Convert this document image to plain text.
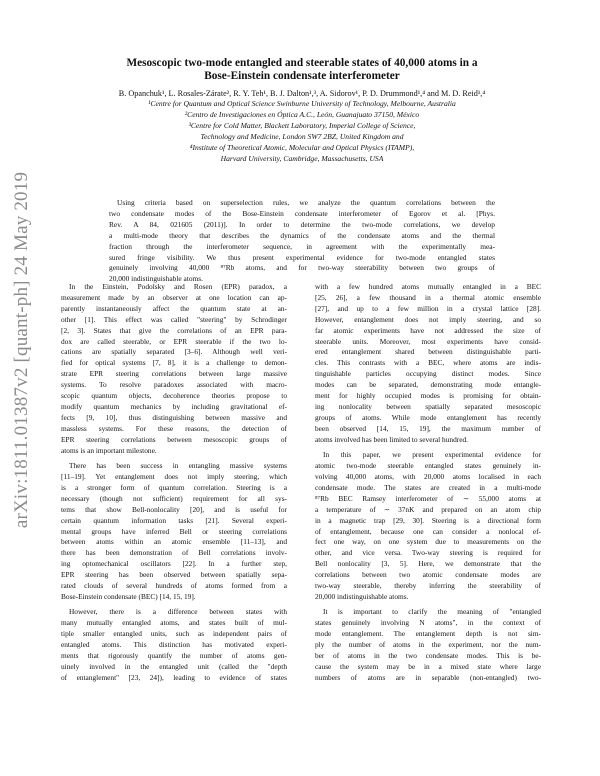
arXiv:1811.01387v2 [quant-ph] 24 May 2019
Mesoscopic two-mode entangled and steerable states of 40,000 atoms in a
Bose-Einstein condensate interferometer
B. Opanchuk¹, L. Rosales-Zárate², R. Y. Teh¹, B. J. Dalton¹,³, A. Sidorov¹, P. D. Drummond¹,⁴ and M. D. Reid¹,⁴
¹Centre for Quantum and Optical Science Swinburne University of Technology, Melbourne, Australia
²Centro de Investigaciones en Óptica A.C., León, Guanajuato 37150, México
³Centre for Cold Matter, Blackett Laboratory, Imperial College of Science,
Technology and Medicine, London SW7 2BZ, United Kingdom and
⁴Institute of Theoretical Atomic, Molecular and Optical Physics (ITAMP),
Harvard University, Cambridge, Massachusetts, USA
Using criteria based on superselection rules, we analyze the quantum correlations between the
two condensate modes of the Bose-Einstein condensate interferometer of Egorov et al. [Phys.
Rev. A 84, 021605 (2011)]. In order to determine the two-mode correlations, we develop
a multi-mode theory that describes the dynamics of the condensate atoms and the thermal
fraction through the interferometer sequence, in agreement with the experimentally mea-
sured fringe visibility. We thus present experimental evidence for two-mode entangled states
genuinely involving 40,000 ⁸⁷Rb atoms, and for two-way steerability between two groups of
20,000 indistinguishable atoms.
In the Einstein, Podolsky and Rosen (EPR) paradox, a
measurement made by an observer at one location can ap-
parently instantaneously affect the quantum state at an-
other [1]. This effect was called "steering" by Schrodinger
[2, 3]. States that give the correlations of an EPR para-
dox are called steerable, or EPR steerable if the two lo-
cations are spatially separated [3–6]. Although well veri-
fied for optical systems [7, 8], it is a challenge to demon-
strate EPR steering correlations between large massive
systems. To resolve paradoxes associated with macro-
scopic quantum objects, decoherence theories propose to
modify quantum mechanics by including gravitational ef-
fects [9, 10], thus distinguishing between massive and
massless systems. For these reasons, the detection of
EPR steering correlations between mesoscopic groups of
atoms is an important milestone.
There has been success in entangling massive systems
[11–19]. Yet entanglement does not imply steering, which
is a stronger form of quantum correlation. Steering is a
necessary (though not sufficient) requirement for all sys-
tems that show Bell-nonlocality [20], and is useful for
certain quantum information tasks [21]. Several experi-
mental groups have inferred Bell or steering correlations
between atoms within an atomic ensemble [11–13], and
there has been demonstration of Bell correlations involv-
ing optomechanical oscillators [22]. In a further step,
EPR steering has been observed between spatially sepa-
rated clouds of several hundreds of atoms formed from a
Bose-Einstein condensate (BEC) [14, 15, 19].
However, there is a difference between states with
many mutually entangled atoms, and states built of mul-
tiple smaller entangled units, such as independent pairs of
entangled atoms. This distinction has motivated experi-
ments that rigorously quantify the number of atoms gen-
uinely involved in the entangled unit (called the "depth
of entanglement" [23, 24]), leading to evidence of states
with a few hundred atoms mutually entangled in a BEC
[25, 26], a few thousand in a thermal atomic ensemble
[27], and up to a few million in a crystal lattice [28].
However, entanglement does not imply steering, and so
far atomic experiments have not addressed the size of
steerable units. Moreover, most experiments have consid-
ered entanglement shared between distinguishable parti-
cles. This contrasts with a BEC, where atoms are indis-
tinguishable particles occupying distinct modes. Since
modes can be separated, demonstrating mode entangle-
ment for highly occupied modes is promising for obtain-
ing nonlocality between spatially separated mesoscopic
groups of atoms. While mode entanglement has recently
been observed [14, 15, 19], the maximum number of
atoms involved has been limited to several hundred.
In this paper, we present experimental evidence for
atomic two-mode steerable entangled states genuinely in-
volving 40,000 atoms, with 20,000 atoms localised in each
condensate mode. The states are created in a multi-mode
⁸⁷Rb BEC Ramsey interferometer of ∼ 55,000 atoms at
a temperature of ∼ 37nK and prepared on an atom chip
in a magnetic trap [29, 30]. Steering is a directional form
of entanglement, because one can consider a nonlocal ef-
fect one way, on one system due to measurements on the
other, and vice versa. Two-way steering is required for
Bell nonlocality [3, 5]. Here, we demonstrate that the
correlations between two atomic condensate modes are
two-way steerable, thereby inferring the steerability of
20,000 indistinguishable atoms.
It is important to clarify the meaning of "entangled
states genuinely involving N atoms", in the context of
mode entanglement. The entanglement depth is not sim-
ply the number of atoms in the experiment, nor the num-
ber of atoms in the two condensate modes. This is be-
cause the system may be in a mixed state where large
numbers of atoms are in separable (non-entangled) two-
